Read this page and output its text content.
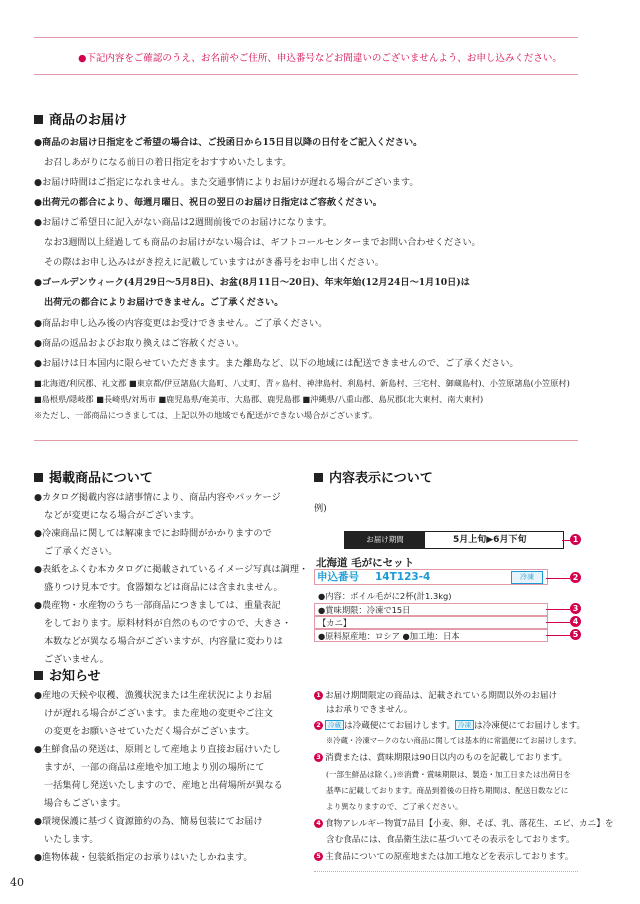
●下記内容をご確認のうえ、お名前やご住所、申込番号などお間違いのございませんよう、お申し込みください。
商品のお届け
●商品のお届け日指定をご希望の場合は、ご投函日から15日目以降の日付をご記入ください。
お召しあがりになる前日の着日指定をおすすめいたします。
●お届け時間はご指定になれません。また交通事情によりお届けが遅れる場合がございます。
●出荷元の都合により、毎週月曜日、祝日の翌日のお届け日指定はご容赦ください。
●お届けご希望日に記入がない商品は2週間前後でのお届けになります。
なお3週間以上経過しても商品のお届けがない場合は、ギフトコールセンターまでお問い合わせください。
その際はお申し込みはがき控えに記載していますはがき番号をお申し出ください。
●ゴールデンウィーク(4月29日〜5月8日)、お盆(8月11日〜20日)、年末年始(12月24日〜1月10日)は
出荷元の都合によりお届けできません。ご了承ください。
●商品お申し込み後の内容変更はお受けできません。ご了承ください。
●商品の返品およびお取り換えはご容赦ください。
●お届けは日本国内に限らせていただきます。また離島など、以下の地域には配送できませんので、ご了承ください。
■北海道/利尻郡、礼文郡 ■東京都/伊豆諸島(大島町、八丈町、青ヶ島村、神津島村、利島村、新島村、三宅村、御蔵島村)、小笠原諸島(小笠原村)
■島根県/隠岐郡 ■長崎県/対馬市 ■鹿児島県/奄美市、大島郡、鹿児島郡 ■沖縄県/八重山郡、島尻郡(北大東村、南大東村)
※ただし、一部商品につきましては、上記以外の地域でも配送ができない場合がございます。
掲載商品について
●カタログ掲載内容は諸事情により、商品内容やパッケージ
などが変更になる場合がございます。
●冷凍商品に関しては解凍までにお時間がかかりますので
ご了承ください。
●表紙をふくむ本カタログに掲載されているイメージ写真は調理・
盛りつけ見本です。食器類などは商品には含まれません。
●農産物・水産物のうち一部商品につきましては、重量表記
をしております。原料材料が自然のものですので、大きさ・
本数などが異なる場合がございますが、内容量に変わりは
ございません。
お知らせ
●産地の天候や収穫、漁獲状況または生産状況によりお届
けが遅れる場合がございます。また産地の変更やご注文
の変更をお願いさせていただく場合がございます。
●生鮮食品の発送は、原則として産地より直接お届けいたし
ますが、一部の商品は産地や加工地より別の場所にて
一括集荷し発送いたしますので、産地と出荷場所が異なる
場合もございます。
●環境保護に基づく資源節約の為、簡易包装にてお届け
いたします。
●進物体裁・包装紙指定のお承りはいたしかねます。
内容表示について
例)
お届け期間	5月上旬▶6月下旬
北海道 毛がにセット
申込番号 14T123-4	冷凍
●内容：ボイル毛がに2杯(計1.3kg)
●賞味期限：冷凍で15日
【カニ】
●原料原産地：ロシア ●加工地：日本
1
2
3
4
5
1 お届け期間限定の商品は、記載されている期間以外のお届け
はお承りできません。
2 冷蔵 は冷蔵便にてお届けします。 冷凍 は冷凍便にてお届けします。
※冷蔵・冷凍マークのない商品に関しては基本的に常温便にてお届けします。
3 消費または、賞味期限は90日以内のものを記載しております。
(一部生鮮品は除く。)※消費・賞味期限は、製造・加工日または出荷日を
基準に記載しております。商品到着後の日持ち期間は、配送日数などに
より異なりますので、ご了承ください。
4 食物アレルギー物質7品目【小麦、卵、そば、乳、落花生、エビ、カニ】を
含む食品には、食品衛生法に基づいてその表示をしております。
5 主食品についての原産地または加工地などを表示しております。
40
